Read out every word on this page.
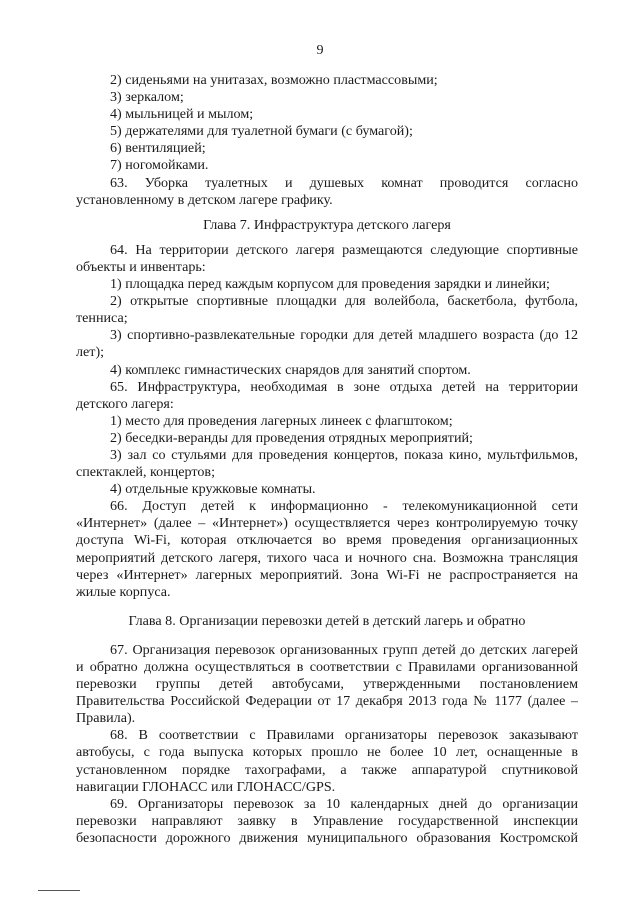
9
2) сиденьями на унитазах, возможно пластмассовыми;
3) зеркалом;
4) мыльницей и мылом;
5) держателями для туалетной бумаги (с бумагой);
6) вентиляцией;
7) ногомойками.
63. Уборка туалетных и душевых комнат проводится согласно
установленному в детском лагере графику.
Глава 7. Инфраструктура детского лагеря
64. На территории детского лагеря размещаются следующие спортивные
объекты и инвентарь:
1) площадка перед каждым корпусом для проведения зарядки и линейки;
2) открытые спортивные площадки для волейбола, баскетбола, футбола,
тенниса;
3) спортивно-развлекательные городки для детей младшего возраста (до 12
лет);
4) комплекс гимнастических снарядов для занятий спортом.
65. Инфраструктура, необходимая в зоне отдыха детей на территории
детского лагеря:
1) место для проведения лагерных линеек с флагштоком;
2) беседки-веранды для проведения отрядных мероприятий;
3) зал со стульями для проведения концертов, показа кино, мультфильмов,
спектаклей, концертов;
4) отдельные кружковые комнаты.
66. Доступ детей к информационно - телекомуникационной сети
«Интернет» (далее – «Интернет») осуществляется через контролируемую точку
доступа Wi-Fi, которая отключается во время проведения организационных
мероприятий детского лагеря, тихого часа и ночного сна. Возможна трансляция
через «Интернет» лагерных мероприятий. Зона Wi-Fi не распространяется на
жилые корпуса.
Глава 8. Организации перевозки детей в детский лагерь и обратно
67. Организация перевозок организованных групп детей до детских лагерей
и обратно должна осуществляться в соответствии с Правилами организованной
перевозки группы детей автобусами, утвержденными постановлением
Правительства Российской Федерации от 17 декабря 2013 года № 1177 (далее –
Правила).
68. В соответствии с Правилами организаторы перевозок заказывают
автобусы, с года выпуска которых прошло не более 10 лет, оснащенные в
установленном порядке тахографами, а также аппаратурой спутниковой
навигации ГЛОНАСС или ГЛОНАСС/GPS.
69. Организаторы перевозок за 10 календарных дней до организации
перевозки направляют заявку в Управление государственной инспекции
безопасности дорожного движения муниципального образования Костромской
